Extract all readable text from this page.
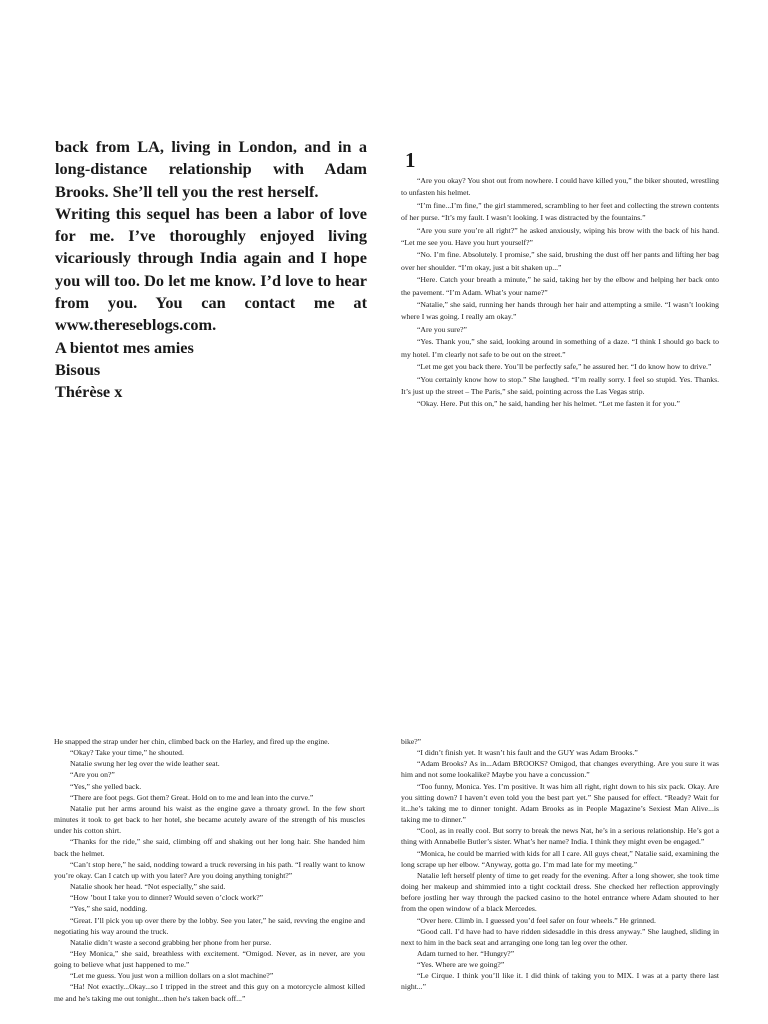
back from LA, living in London, and in a long-distance relationship with Adam Brooks. She’ll tell you the rest herself.

Writing this sequel has been a labor of love for me. I’ve thoroughly enjoyed living vicariously through India again and I hope you will too. Do let me know. I’d love to hear from you. You can contact me at www.thereseblogs.com.

A bientot mes amies

Bisous

Thérèse x

1

“Are you okay? You shot out from nowhere. I could have killed you,” the biker shouted, wrestling to unfasten his helmet.

“I’m fine...I’m fine,” the girl stammered, scrambling to her feet and collecting the strewn contents of her purse. “It’s my fault. I wasn’t looking. I was distracted by the fountains.”

“Are you sure you’re all right?” he asked anxiously, wiping his brow with the back of his hand. “Let me see you. Have you hurt yourself?”

“No. I’m fine. Absolutely. I promise,” she said, brushing the dust off her pants and lifting her bag over her shoulder. “I’m okay, just a bit shaken up...”

“Here. Catch your breath a minute,” he said, taking her by the elbow and helping her back onto the pavement. “I’m Adam. What’s your name?”

“Natalie,” she said, running her hands through her hair and attempting a smile. “I wasn’t looking where I was going. I really am okay.”

“Are you sure?”

“Yes. Thank you,” she said, looking around in something of a daze. “I think I should go back to my hotel. I’m clearly not safe to be out on the street.”

“Let me get you back there. You’ll be perfectly safe,” he assured her. “I do know how to drive.”

“You certainly know how to stop.” She laughed. “I’m really sorry. I feel so stupid. Yes. Thanks. It’s just up the street – The Paris,” she said, pointing across the Las Vegas strip.

“Okay. Here. Put this on,” he said, handing her his helmet. “Let me fasten it for you.”

He snapped the strap under her chin, climbed back on the Harley, and fired up the engine.

“Okay? Take your time,” he shouted.

Natalie swung her leg over the wide leather seat.

“Are you on?”

“Yes,” she yelled back.

“There are foot pegs. Got them? Great. Hold on to me and lean into the curve.”

Natalie put her arms around his waist as the engine gave a throaty growl. In the few short minutes it took to get back to her hotel, she became acutely aware of the strength of his muscles under his cotton shirt.

“Thanks for the ride,” she said, climbing off and shaking out her long hair. She handed him back the helmet.

“Can’t stop here,” he said, nodding toward a truck reversing in his path. “I really want to know you’re okay. Can I catch up with you later? Are you doing anything tonight?”

Natalie shook her head. “Not especially,” she said.

“How ’bout I take you to dinner? Would seven o’clock work?”

“Yes,” she said, nodding.

“Great. I’ll pick you up over there by the lobby. See you later,” he said, revving the engine and negotiating his way around the truck.

Natalie didn’t waste a second grabbing her phone from her purse.

“Hey Monica,” she said, breathless with excitement. “Omigod. Never, as in never, are you going to believe what just happened to me.”

“Let me guess. You just won a million dollars on a slot machine?”

“Ha! Not exactly...Okay...so I tripped in the street and this guy on a motorcycle almost killed me and he's taking me out tonight...then he's taken back off...”

bike?”

“I didn’t finish yet. It wasn’t his fault and the GUY was Adam Brooks.”

“Adam Brooks? As in...Adam BROOKS? Omigod, that changes everything. Are you sure it was him and not some lookalike? Maybe you have a concussion.”

“Too funny, Monica. Yes. I’m positive. It was him all right, right down to his six pack. Okay. Are you sitting down? I haven’t even told you the best part yet.” She paused for effect. “Ready? Wait for it...he’s taking me to dinner tonight. Adam Brooks as in People Magazine’s Sexiest Man Alive...is taking me to dinner.”

“Cool, as in really cool. But sorry to break the news Nat, he’s in a serious relationship. He’s got a thing with Annabelle Butler’s sister. What’s her name? India. I think they might even be engaged.”

“Monica, he could be married with kids for all I care. All guys cheat,” Natalie said, examining the long scrape up her elbow. “Anyway, gotta go. I’m mad late for my meeting.”

Natalie left herself plenty of time to get ready for the evening. After a long shower, she took time doing her makeup and shimmied into a tight cocktail dress. She checked her reflection approvingly before jostling her way through the packed casino to the hotel entrance where Adam shouted to her from the open window of a black Mercedes.

“Over here. Climb in. I guessed you’d feel safer on four wheels.” He grinned.

“Good call. I’d have had to have ridden sidesaddle in this dress anyway.” She laughed, sliding in next to him in the back seat and arranging one long tan leg over the other.

Adam turned to her. “Hungry?”

“Yes. Where are we going?”

“Le Cirque. I think you’ll like it. I did think of taking you to MIX. I was at a party there last night...”
